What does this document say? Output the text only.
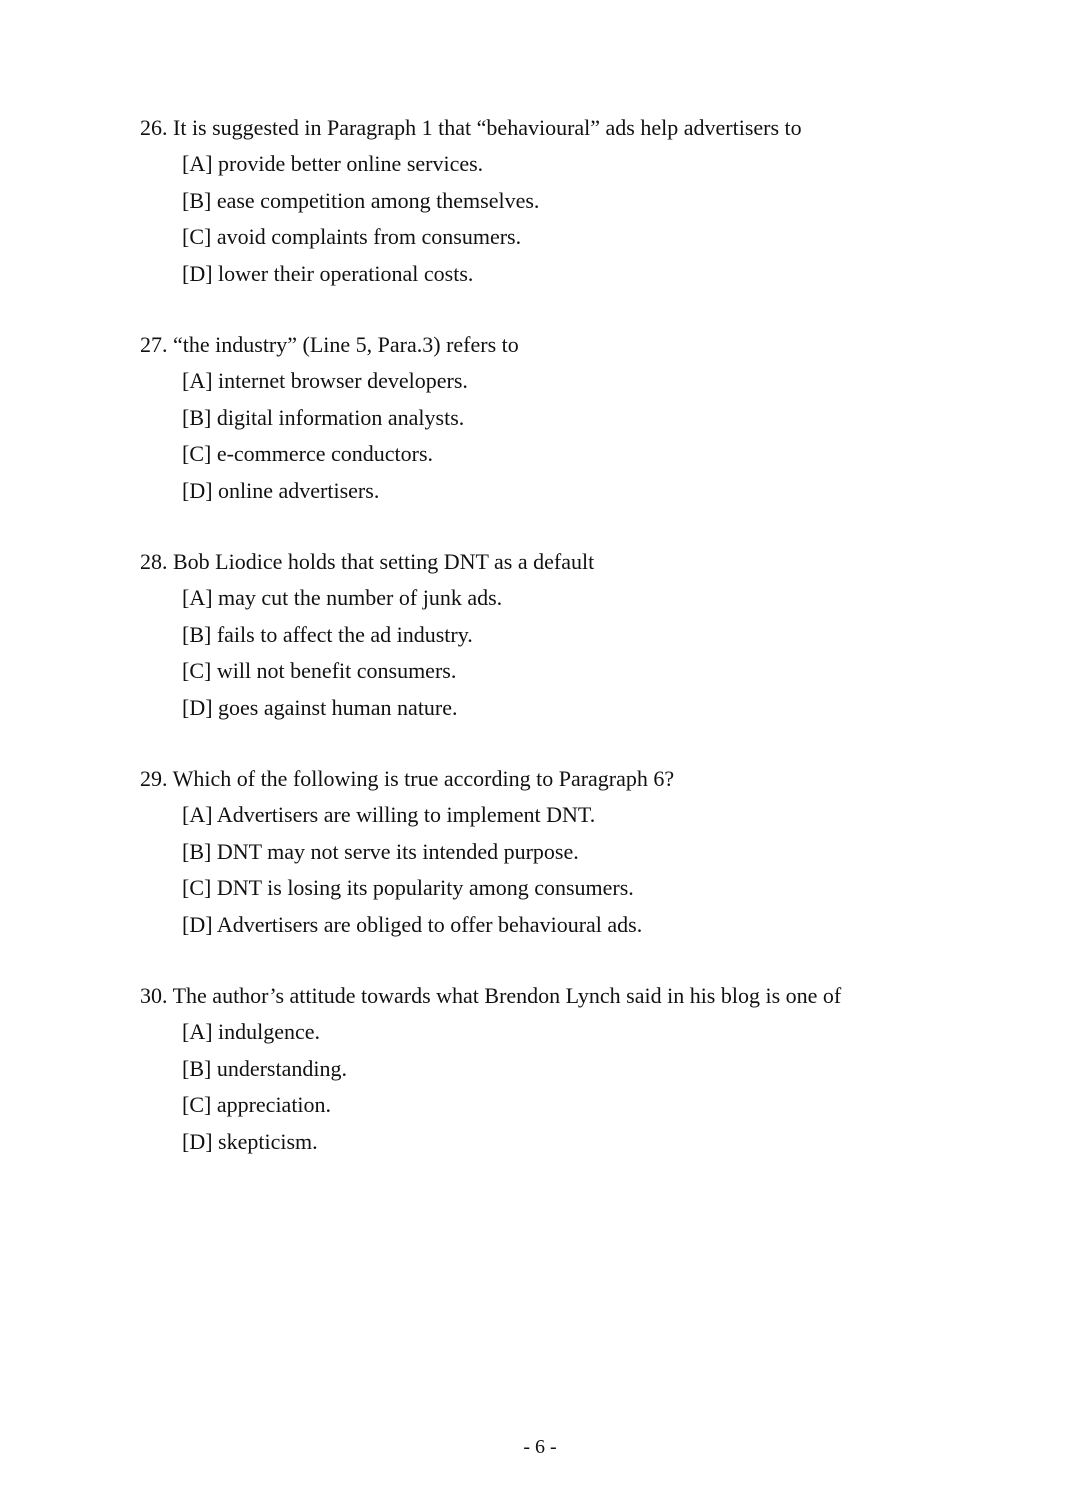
26. It is suggested in Paragraph 1 that “behavioural” ads help advertisers to
[A] provide better online services.
[B] ease competition among themselves.
[C] avoid complaints from consumers.
[D] lower their operational costs.
27. “the industry” (Line 5, Para.3) refers to
[A] internet browser developers.
[B] digital information analysts.
[C] e-commerce conductors.
[D] online advertisers.
28. Bob Liodice holds that setting DNT as a default
[A] may cut the number of junk ads.
[B] fails to affect the ad industry.
[C] will not benefit consumers.
[D] goes against human nature.
29. Which of the following is true according to Paragraph 6?
[A] Advertisers are willing to implement DNT.
[B] DNT may not serve its intended purpose.
[C] DNT is losing its popularity among consumers.
[D] Advertisers are obliged to offer behavioural ads.
30. The author’s attitude towards what Brendon Lynch said in his blog is one of
[A] indulgence.
[B] understanding.
[C] appreciation.
[D] skepticism.
- 6 -
